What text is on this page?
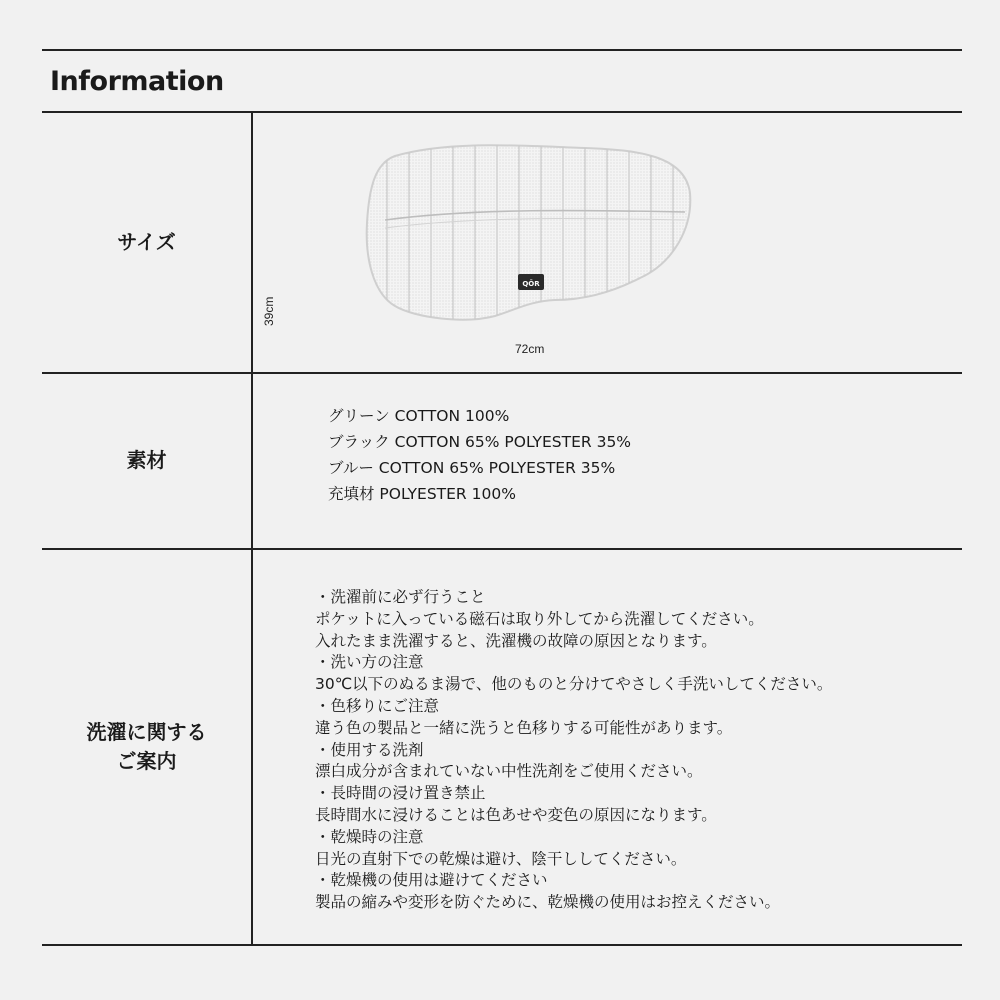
Information
サイズ
39cm
72cm
QŌR
素材
グリーン COTTON 100%
ブラック COTTON 65% POLYESTER 35%
ブルー COTTON 65% POLYESTER 35%
充填材 POLYESTER 100%
洗濯に関する
ご案内
・洗濯前に必ず行うこと
ポケットに入っている磁石は取り外してから洗濯してください。
入れたまま洗濯すると、洗濯機の故障の原因となります。
・洗い方の注意
30℃以下のぬるま湯で、他のものと分けてやさしく手洗いしてください。
・色移りにご注意
違う色の製品と一緒に洗うと色移りする可能性があります。
・使用する洗剤
漂白成分が含まれていない中性洗剤をご使用ください。
・長時間の浸け置き禁止
長時間水に浸けることは色あせや変色の原因になります。
・乾燥時の注意
日光の直射下での乾燥は避け、陰干ししてください。
・乾燥機の使用は避けてください
製品の縮みや変形を防ぐために、乾燥機の使用はお控えください。
